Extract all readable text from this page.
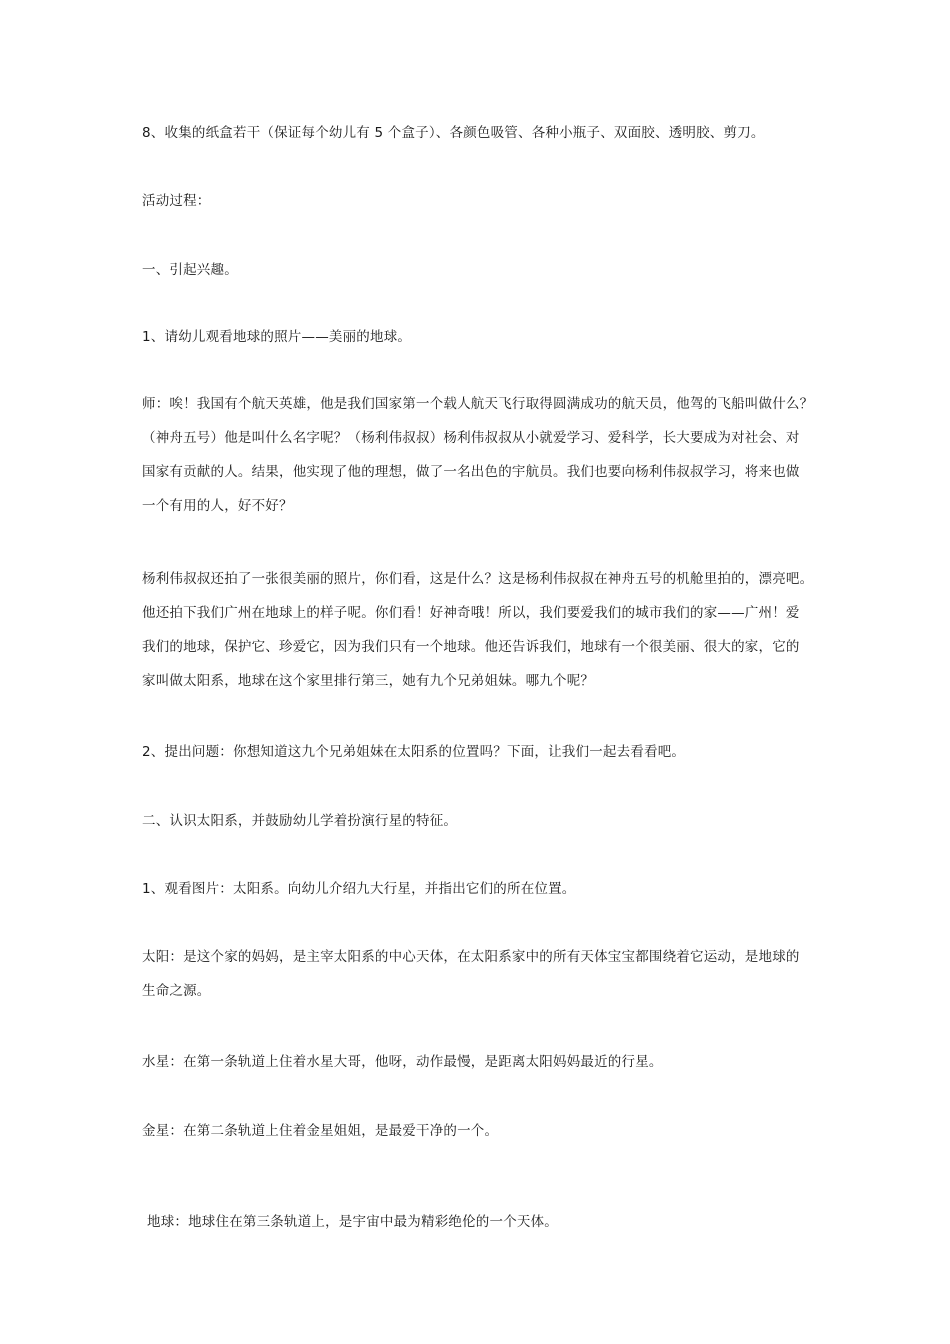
8、收集的纸盒若干（保证每个幼儿有 5 个盒子）、各颜色吸管、各种小瓶子、双面胶、透明胶、剪刀。

活动过程：

一、引起兴趣。

1、请幼儿观看地球的照片——美丽的地球。

师：唉！我国有个航天英雄，他是我们国家第一个载人航天飞行取得圆满成功的航天员，他驾的飞船叫做什么？
（神舟五号）他是叫什么名字呢？（杨利伟叔叔）杨利伟叔叔从小就爱学习、爱科学，长大要成为对社会、对
国家有贡献的人。结果，他实现了他的理想，做了一名出色的宇航员。我们也要向杨利伟叔叔学习，将来也做
一个有用的人，好不好？

杨利伟叔叔还拍了一张很美丽的照片，你们看，这是什么？这是杨利伟叔叔在神舟五号的机舱里拍的，漂亮吧。
他还拍下我们广州在地球上的样子呢。你们看！好神奇哦！所以，我们要爱我们的城市我们的家——广州！爱
我们的地球，保护它、珍爱它，因为我们只有一个地球。他还告诉我们，地球有一个很美丽、很大的家，它的
家叫做太阳系，地球在这个家里排行第三，她有九个兄弟姐妹。哪九个呢？

2、提出问题：你想知道这九个兄弟姐妹在太阳系的位置吗？下面，让我们一起去看看吧。

二、认识太阳系，并鼓励幼儿学着扮演行星的特征。

1、观看图片：太阳系。向幼儿介绍九大行星，并指出它们的所在位置。

太阳：是这个家的妈妈，是主宰太阳系的中心天体，在太阳系家中的所有天体宝宝都围绕着它运动，是地球的
生命之源。

水星：在第一条轨道上住着水星大哥，他呀，动作最慢，是距离太阳妈妈最近的行星。

金星：在第二条轨道上住着金星姐姐，是最爱干净的一个。

地球：地球住在第三条轨道上，是宇宙中最为精彩绝伦的一个天体。
